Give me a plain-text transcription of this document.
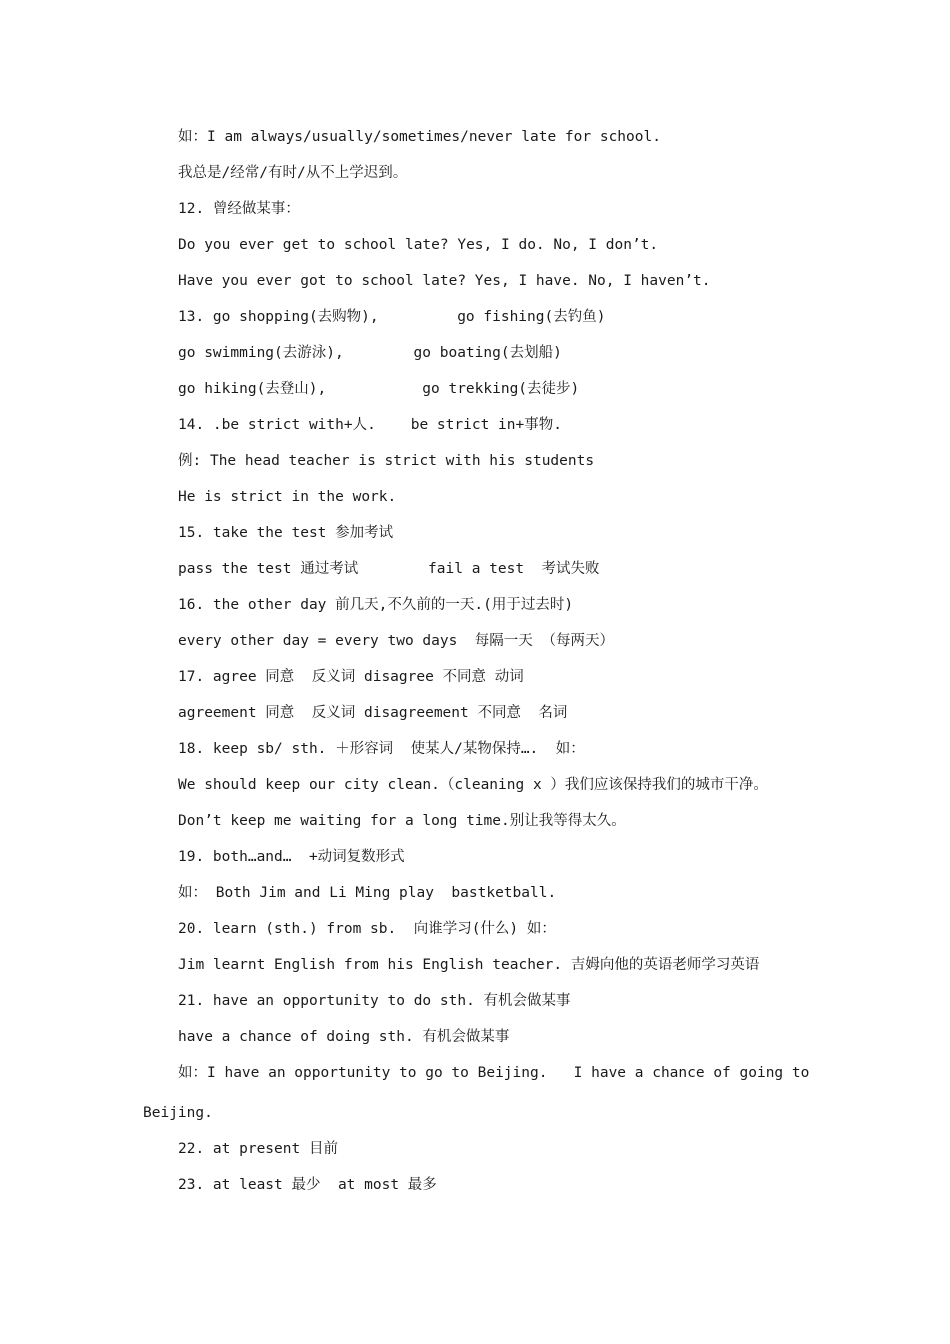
如：I am always/usually/sometimes/never late for school.
我总是/经常/有时/从不上学迟到。
12. 曾经做某事：
Do you ever get to school late? Yes, I do. No, I don’t.
Have you ever got to school late? Yes, I have. No, I haven’t.
13. go shopping(去购物),         go fishing(去钓鱼)
go swimming(去游泳),        go boating(去划船)
go hiking(去登山),           go trekking(去徒步)
14. .be strict with+人.    be strict in+事物.
例: The head teacher is strict with his students
He is strict in the work.
15. take the test 参加考试
pass the test 通过考试        fail a test  考试失败
16. the other day 前几天,不久前的一天.(用于过去时)
every other day = every two days  每隔一天 （每两天）
17. agree 同意  反义词 disagree 不同意 动词
agreement 同意  反义词 disagreement 不同意  名词
18. keep sb/ sth. ＋形容词  使某人/某物保持….  如：
We should keep our city clean.（cleaning x ）我们应该保持我们的城市干净。
Don’t keep me waiting for a long time.别让我等得太久。
19. both…and…  +动词复数形式
如： Both Jim and Li Ming play  bastketball.
20. learn (sth.) from sb.  向谁学习(什么) 如：
Jim learnt English from his English teacher. 吉姆向他的英语老师学习英语
21. have an opportunity to do sth. 有机会做某事
have a chance of doing sth. 有机会做某事
如：I have an opportunity to go to Beijing.   I have a chance of going to
Beijing.
22. at present 目前
23. at least 最少  at most 最多
